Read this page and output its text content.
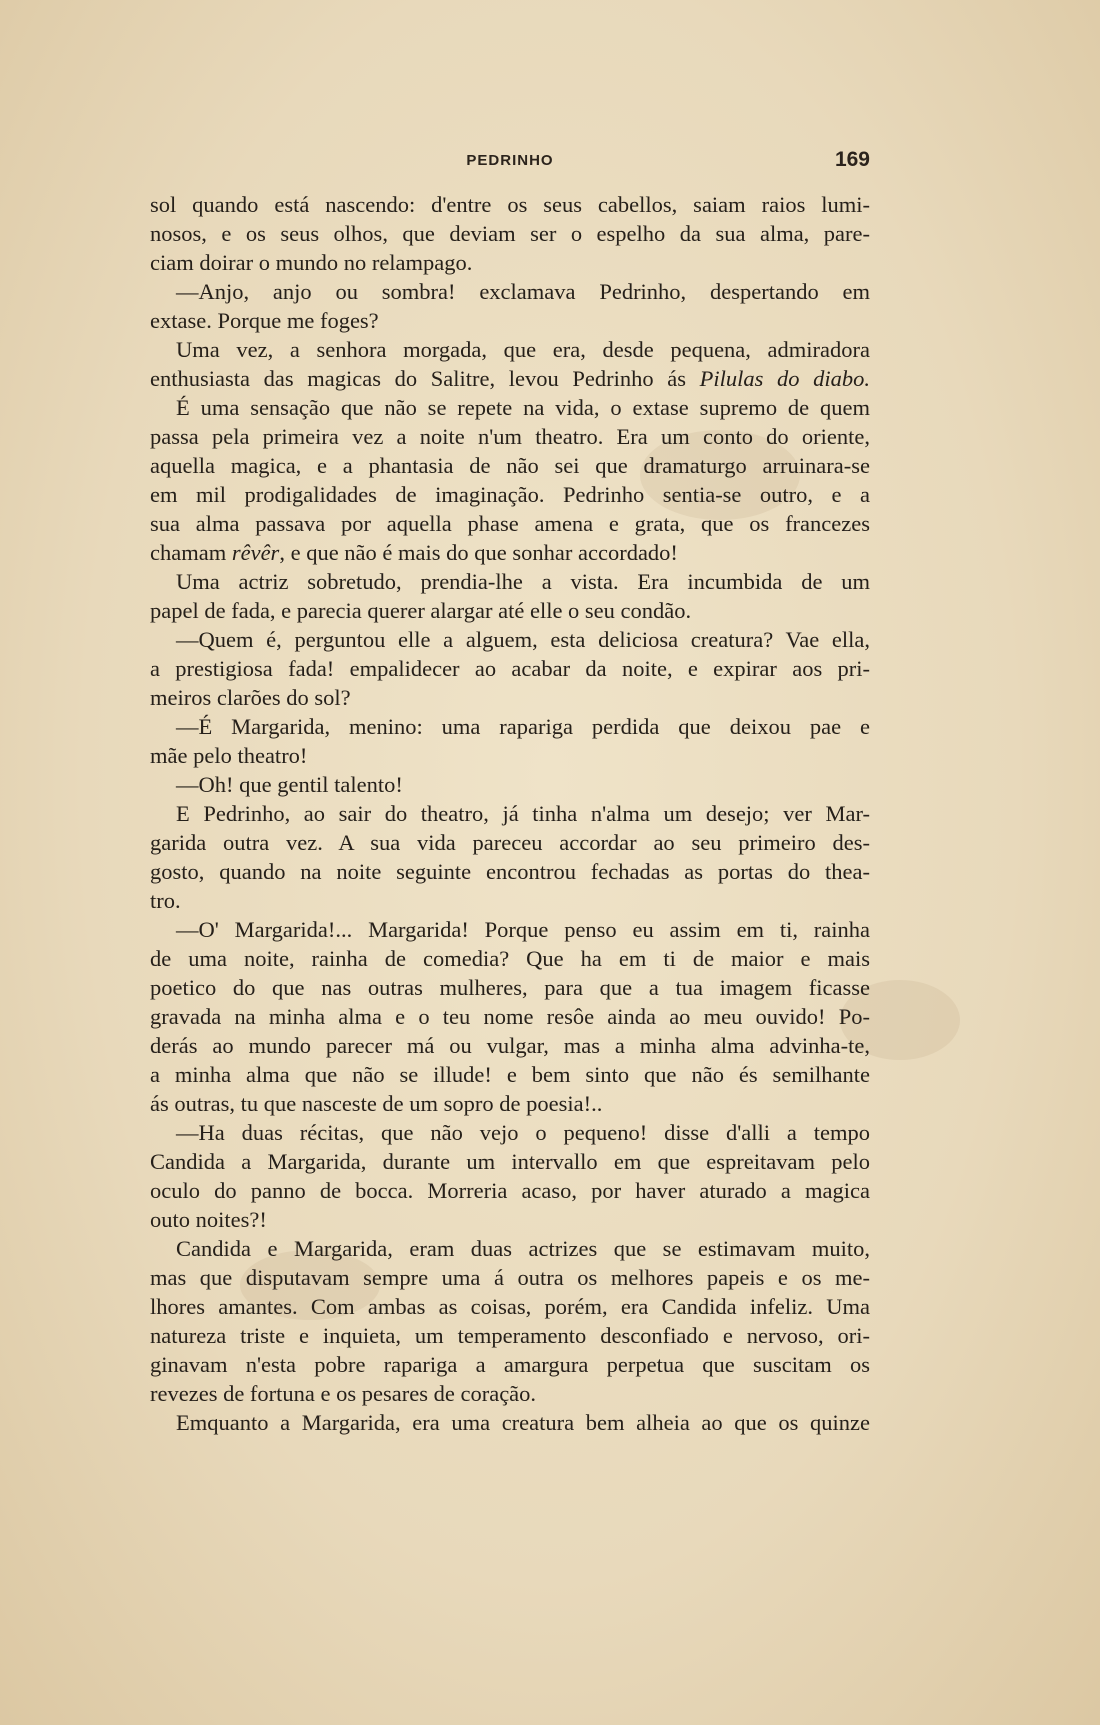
PEDRINHO	169
sol quando está nascendo: d'entre os seus cabellos, saiam raios lumi-
nosos, e os seus olhos, que deviam ser o espelho da sua alma, pare-
ciam doirar o mundo no relampago.
—Anjo, anjo ou sombra! exclamava Pedrinho, despertando em
extase. Porque me foges?
Uma vez, a senhora morgada, que era, desde pequena, admiradora
enthusiasta das magicas do Salitre, levou Pedrinho ás Pilulas do diabo.
É uma sensação que não se repete na vida, o extase supremo de quem
passa pela primeira vez a noite n'um theatro. Era um conto do oriente,
aquella magica, e a phantasia de não sei que dramaturgo arruinara-se
em mil prodigalidades de imaginação. Pedrinho sentia-se outro, e a
sua alma passava por aquella phase amena e grata, que os francezes
chamam rêvêr, e que não é mais do que sonhar accordado!
Uma actriz sobretudo, prendia-lhe a vista. Era incumbida de um
papel de fada, e parecia querer alargar até elle o seu condão.
—Quem é, perguntou elle a alguem, esta deliciosa creatura? Vae ella,
a prestigiosa fada! empalidecer ao acabar da noite, e expirar aos pri-
meiros clarões do sol?
—É Margarida, menino: uma rapariga perdida que deixou pae e
mãe pelo theatro!
—Oh! que gentil talento!
E Pedrinho, ao sair do theatro, já tinha n'alma um desejo; ver Mar-
garida outra vez. A sua vida pareceu accordar ao seu primeiro des-
gosto, quando na noite seguinte encontrou fechadas as portas do thea-
tro.
—O' Margarida!... Margarida! Porque penso eu assim em ti, rainha
de uma noite, rainha de comedia? Que ha em ti de maior e mais
poetico do que nas outras mulheres, para que a tua imagem ficasse
gravada na minha alma e o teu nome resôe ainda ao meu ouvido! Po-
derás ao mundo parecer má ou vulgar, mas a minha alma advinha-te,
a minha alma que não se illude! e bem sinto que não és semilhante
ás outras, tu que nasceste de um sopro de poesia!..
—Ha duas récitas, que não vejo o pequeno! disse d'alli a tempo
Candida a Margarida, durante um intervallo em que espreitavam pelo
oculo do panno de bocca. Morreria acaso, por haver aturado a magica
outo noites?!
Candida e Margarida, eram duas actrizes que se estimavam muito,
mas que disputavam sempre uma á outra os melhores papeis e os me-
lhores amantes. Com ambas as coisas, porém, era Candida infeliz. Uma
natureza triste e inquieta, um temperamento desconfiado e nervoso, ori-
ginavam n'esta pobre rapariga a amargura perpetua que suscitam os
revezes de fortuna e os pesares de coração.
Emquanto a Margarida, era uma creatura bem alheia ao que os quinze
